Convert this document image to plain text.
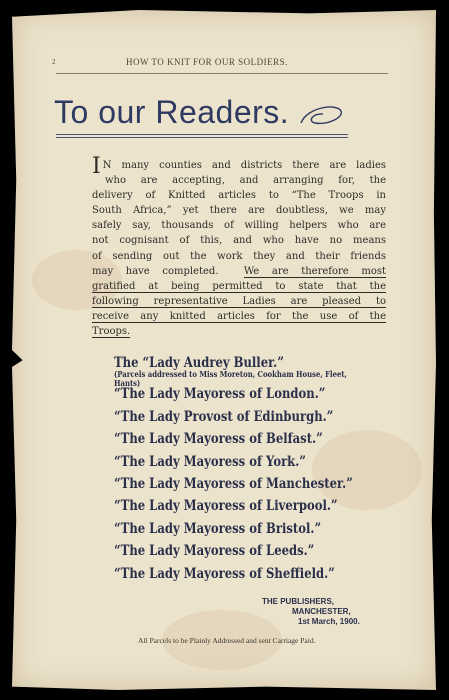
2	HOW TO KNIT FOR OUR SOLDIERS.
To our Readers.
I N many counties and districts there are ladies
who are accepting, and arranging for, the
delivery of Knitted articles to “The Troops in
South Africa,” yet there are doubtless, we may
safely say, thousands of willing helpers who are
not cognisant of this, and who have no means
of sending out the work they and their friends
may have completed.	We are therefore most
gratified at being permitted to state that the
following representative Ladies are pleased to
receive any knitted articles for the use of the
Troops.
The “Lady Audrey Buller.”
(Parcels addressed to Miss Moreton, Cookham House, Fleet, Hants)
“The Lady Mayoress of London.”
“The Lady Provost of Edinburgh.”
“The Lady Mayoress of Belfast.”
“The Lady Mayoress of York.”
“The Lady Mayoress of Manchester.”
“The Lady Mayoress of Liverpool.”
“The Lady Mayoress of Bristol.”
“The Lady Mayoress of Leeds.”
“The Lady Mayoress of Sheffield.”
THE PUBLISHERS,
MANCHESTER,
1st March, 1900.
All Parcels to be Plainly Addressed and sent Carriage Paid.
